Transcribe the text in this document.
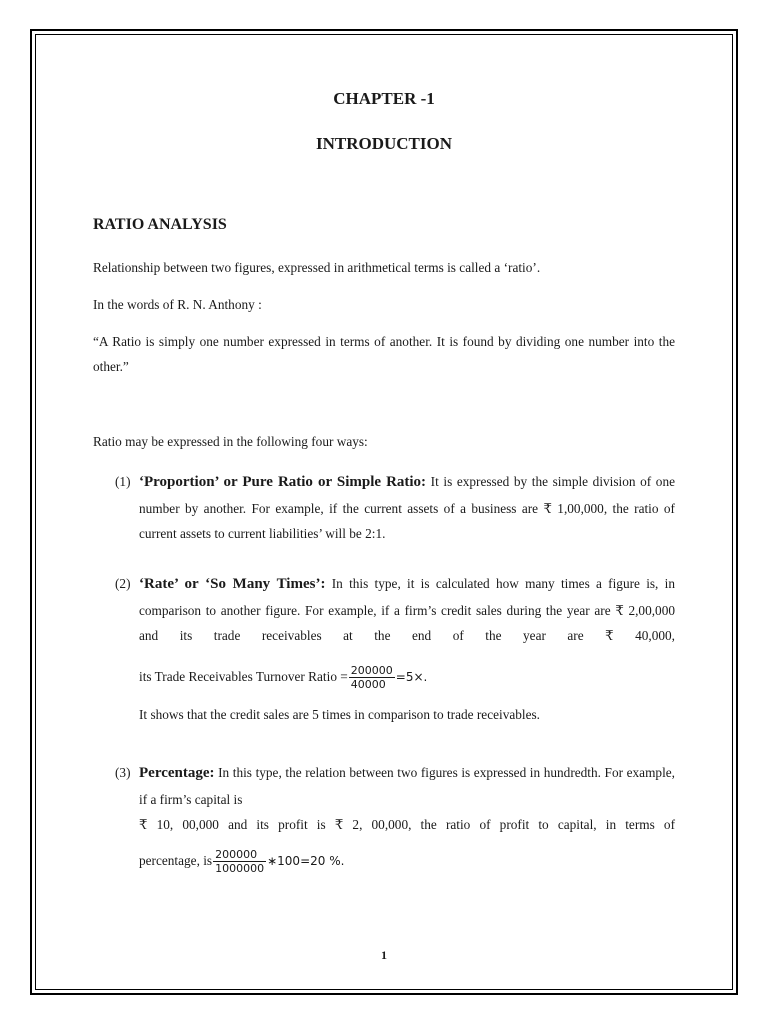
CHAPTER -1
INTRODUCTION
RATIO ANALYSIS
Relationship between two figures, expressed in arithmetical terms is called a ‘ratio’.
In the words of R. N. Anthony :
“A Ratio is simply one number expressed in terms of another. It is found by dividing one number into the other.”
Ratio may be expressed in the following four ways:
(1) ‘Proportion’ or Pure Ratio or Simple Ratio: It is expressed by the simple division of one number by another. For example, if the current assets of a business are ₹ 1,00,000, the ratio of current assets to current liabilities’ will be 2:1.
(2) ‘Rate’ or ‘So Many Times’: In this type, it is calculated how many times a figure is, in comparison to another figure. For example, if a firm’s credit sales during the year are ₹ 2,00,000 and its trade receivables at the end of the year are ₹ 40,000,
its Trade Receivables Turnover Ratio = $\frac{200000}{40000} =5\times$.
It shows that the credit sales are 5 times in comparison to trade receivables.
(3) Percentage: In this type, the relation between two figures is expressed in hundredth. For example, if a firm’s capital is
₹ 10, 00,000 and its profit is ₹ 2, 00,000, the ratio of profit to capital, in terms of
percentage, is $\frac{200000}{1000000}$ ∗100=20 %.
1
